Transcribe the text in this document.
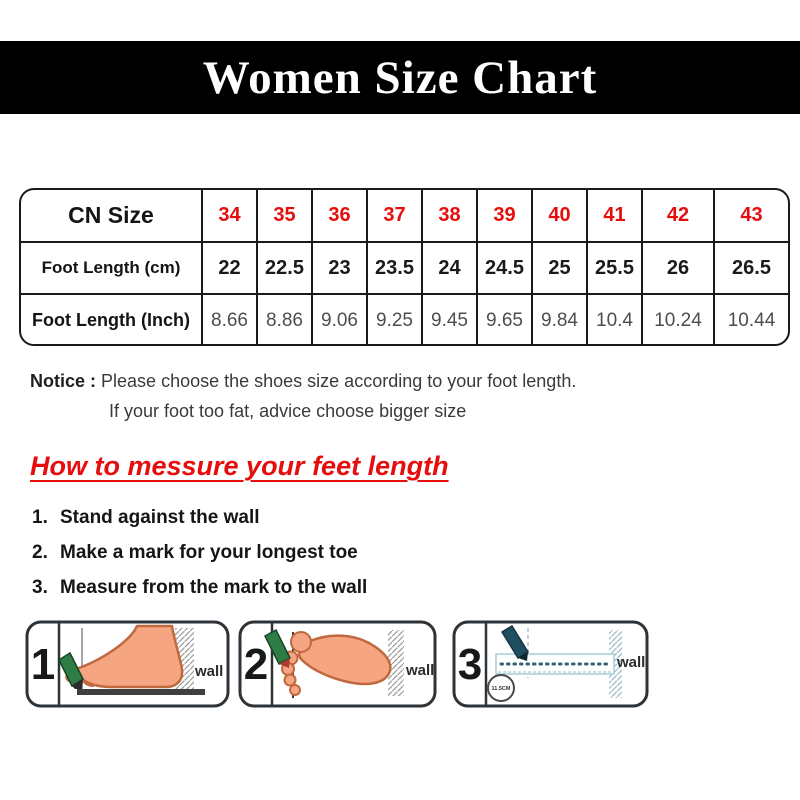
Women Size Chart
CN Size	34	35	36	37	38	39	40	41	42	43
Foot Length (cm)	22	22.5	23	23.5	24	24.5	25	25.5	26	26.5
Foot Length (Inch)	8.66	8.86	9.06	9.25	9.45	9.65	9.84	10.4	10.24	10.44
Notice : Please choose the shoes size according to your foot length.
If your foot too fat, advice choose bigger size
How to messure your feet length
1. Stand against the wall
2. Make a mark for your longest toe
3. Measure from the mark to the wall
1	wall 2	wall 3 11.5CM
wall
